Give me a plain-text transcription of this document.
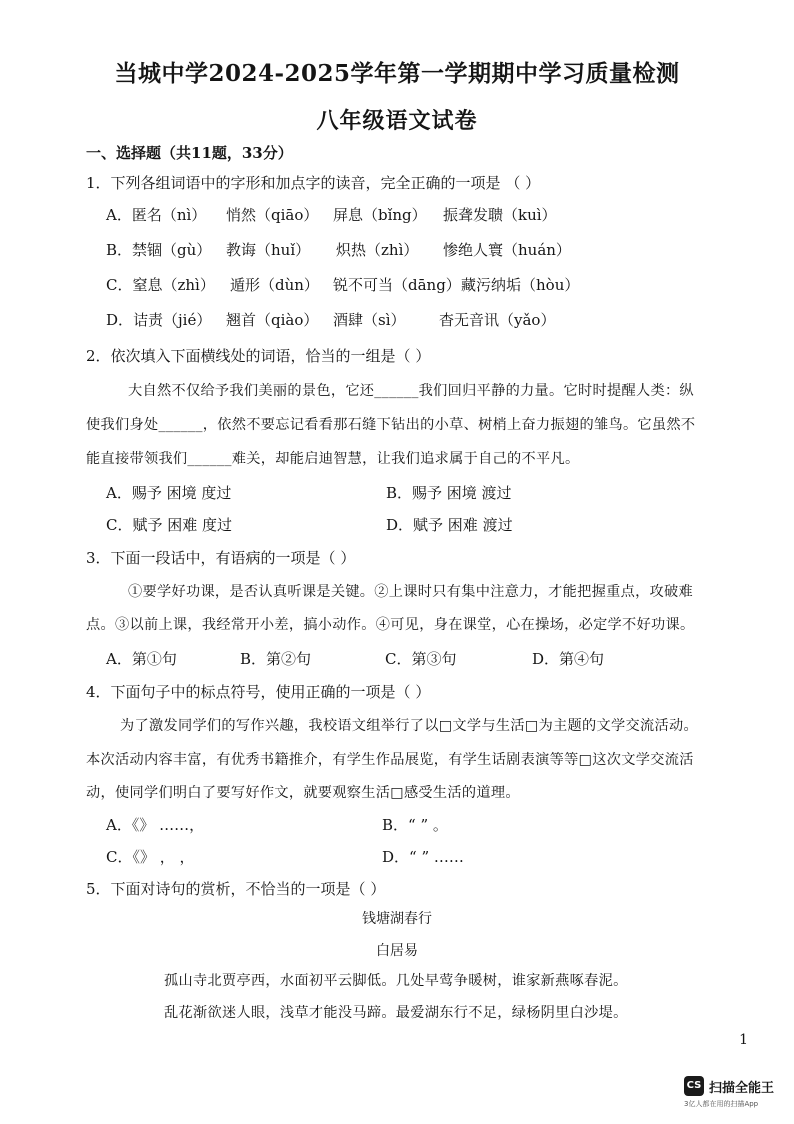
当城中学2024-2025学年第一学期期中学习质量检测
八年级语文试卷
一、选择题（共11题，33分）
1．下列各组词语中的字形和加点字的读音，完全正确的一项是 （ ）
A．匿名（nì） 悄然（qiāo） 屏息（bǐng） 振聋发聩（kuì）
B．禁锢（gù） 教诲（huǐ） 炽热（zhì） 惨绝人寰（huán）
C．窒息（zhì） 遁形（dùn） 锐不可当（dāng） 藏污纳垢（hòu）
D．诘责（jié） 翘首（qiào） 酒肆（sì） 杳无音讯（yǎo）
2．依次填入下面横线处的词语，恰当的一组是（ ）
大自然不仅给予我们美丽的景色，它还______我们回归平静的力量。它时时提醒人类：纵
使我们身处______，依然不要忘记看看那石缝下钻出的小草、树梢上奋力振翅的雏鸟。它虽然不
能直接带领我们______难关，却能启迪智慧，让我们追求属于自己的不平凡。
A．赐予 困境 度过	B．赐予 困境 渡过
C．赋予 困难 度过	D．赋予 困难 渡过
3．下面一段话中，有语病的一项是（ ）
①要学好功课，是否认真听课是关键。②上课时只有集中注意力，才能把握重点，攻破难
点。③以前上课，我经常开小差，搞小动作。④可见，身在课堂，心在操场，必定学不好功课。
A．第①句	B．第②句	C．第③句	D．第④句
4．下面句子中的标点符号，使用正确的一项是（ ）
为了激发同学们的写作兴趣，我校语文组举行了以□文学与生活□为主题的文学交流活动。
本次活动内容丰富，有优秀书籍推介，有学生作品展览，有学生话剧表演等等□这次文学交流活
动，使同学们明白了要写好作文，就要观察生活□感受生活的道理。
A．《》 ……，	B．“ ” 。
C．《》 ， ，	D．“ ” ……
5．下面对诗句的赏析，不恰当的一项是（ ）
钱塘湖春行
白居易
孤山寺北贾亭西，水面初平云脚低。几处早莺争暖树，谁家新燕啄春泥。
乱花渐欲迷人眼，浅草才能没马蹄。最爱湖东行不足，绿杨阴里白沙堤。
1
CS 扫描全能王
3亿人都在用的扫描App
